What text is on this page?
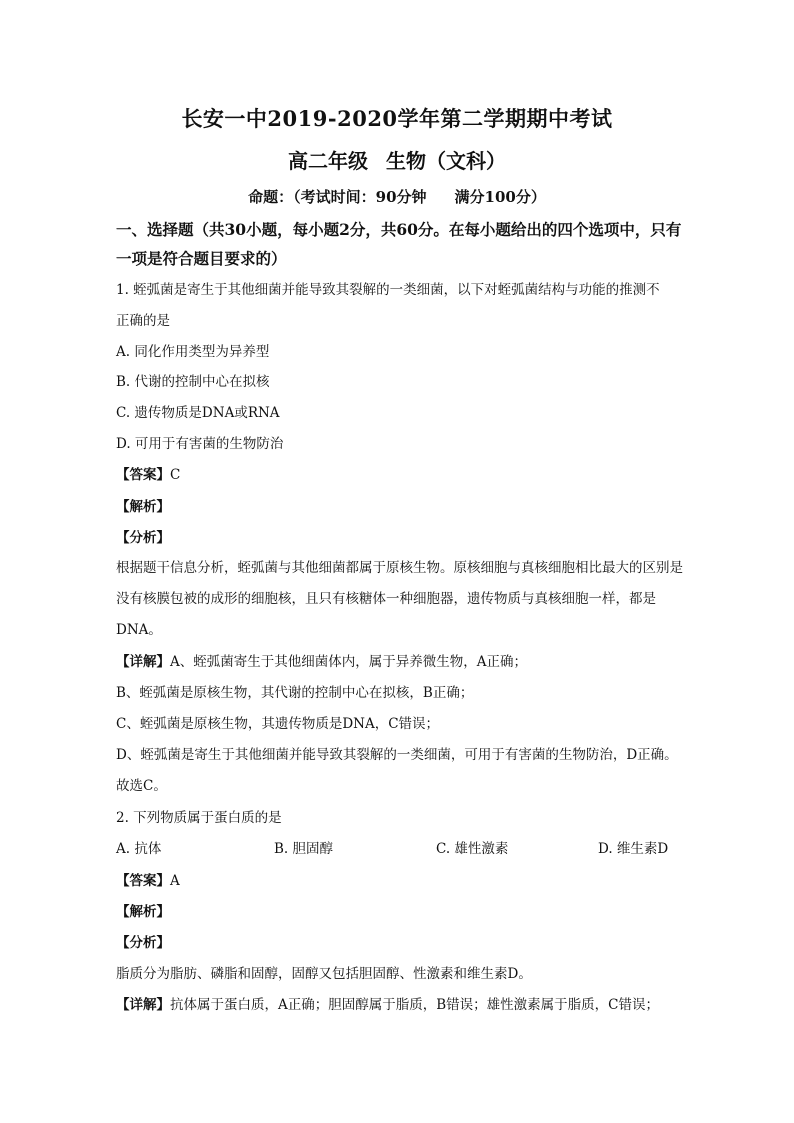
长安一中2019-2020学年第二学期期中考试
高二年级 生物（文科）
命题：（考试时间：90分钟 满分100分）
一、选择题（共30小题，每小题2分，共60分。在每小题给出的四个选项中，只有一项是符合题目要求的）
1. 蛭弧菌是寄生于其他细菌并能导致其裂解的一类细菌，以下对蛭弧菌结构与功能的推测不
正确的是
A. 同化作用类型为异养型
B. 代谢的控制中心在拟核
C. 遗传物质是DNA或RNA
D. 可用于有害菌的生物防治
【答案】C
【解析】
【分析】
根据题干信息分析，蛭弧菌与其他细菌都属于原核生物。原核细胞与真核细胞相比最大的区别是没有核膜包被的成形的细胞核，且只有核糖体一种细胞器，遗传物质与真核细胞一样，都是DNA。
【详解】A、蛭弧菌寄生于其他细菌体内，属于异养微生物，A正确；
B、蛭弧菌是原核生物，其代谢的控制中心在拟核，B正确；
C、蛭弧菌是原核生物，其遗传物质是DNA，C错误；
D、蛭弧菌是寄生于其他细菌并能导致其裂解的一类细菌，可用于有害菌的生物防治，D正确。
故选C。
2. 下列物质属于蛋白质的是
A. 抗体	B. 胆固醇	C. 雄性激素	D. 维生素D
【答案】A
【解析】
【分析】
脂质分为脂肪、磷脂和固醇，固醇又包括胆固醇、性激素和维生素D。
【详解】抗体属于蛋白质，A正确；胆固醇属于脂质，B错误；雄性激素属于脂质，C错误；
